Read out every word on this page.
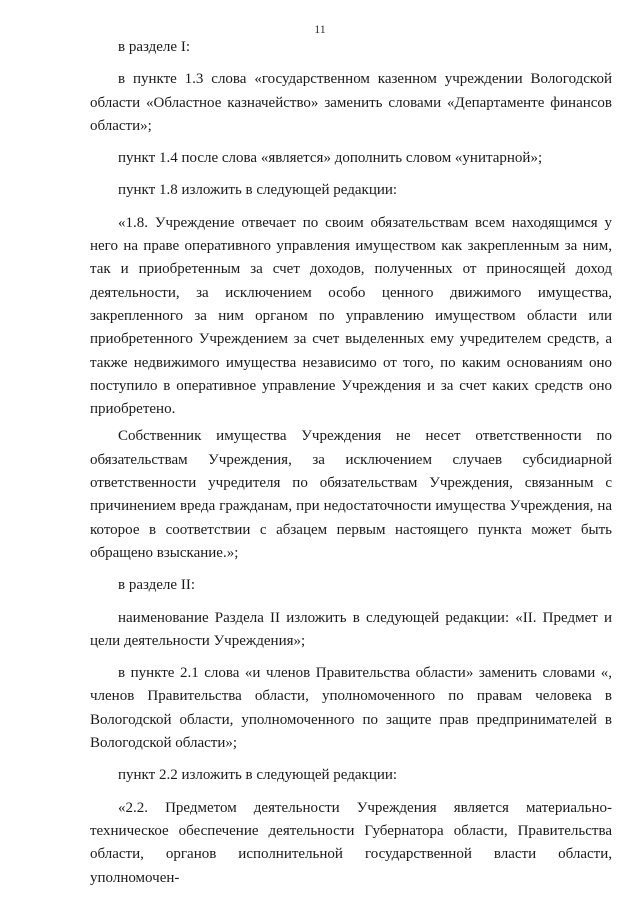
11

в разделе I:

в пункте 1.3 слова «государственном казенном учреждении Вологодской области «Областное казначейство» заменить словами «Департаменте финансов области»;

пункт 1.4 после слова «является» дополнить словом «унитарной»;

пункт 1.8 изложить в следующей редакции:

«1.8. Учреждение отвечает по своим обязательствам всем находящимся у него на праве оперативного управления имуществом как закрепленным за ним, так и приобретенным за счет доходов, полученных от приносящей доход деятельности, за исключением особо ценного движимого имущества, закрепленного за ним органом по управлению имуществом области или приобретенного Учреждением за счет выделенных ему учредителем средств, а также недвижимого имущества независимо от того, по каким основаниям оно поступило в оперативное управление Учреждения и за счет каких средств оно приобретено.

Собственник имущества Учреждения не несет ответственности по обязательствам Учреждения, за исключением случаев субсидиарной ответственности учредителя по обязательствам Учреждения, связанным с причинением вреда гражданам, при недостаточности имущества Учреждения, на которое в соответствии с абзацем первым настоящего пункта может быть обращено взыскание.»;

в разделе II:

наименование Раздела II изложить в следующей редакции: «II. Предмет и цели деятельности Учреждения»;

в пункте 2.1 слова «и членов Правительства области» заменить словами «, членов Правительства области, уполномоченного по правам человека в Вологодской области, уполномоченного по защите прав предпринимателей в Вологодской области»;

пункт 2.2 изложить в следующей редакции:

«2.2. Предметом деятельности Учреждения является материально-техническое обеспечение деятельности Губернатора области, Правительства области, органов исполнительной государственной власти области, уполномочен-
